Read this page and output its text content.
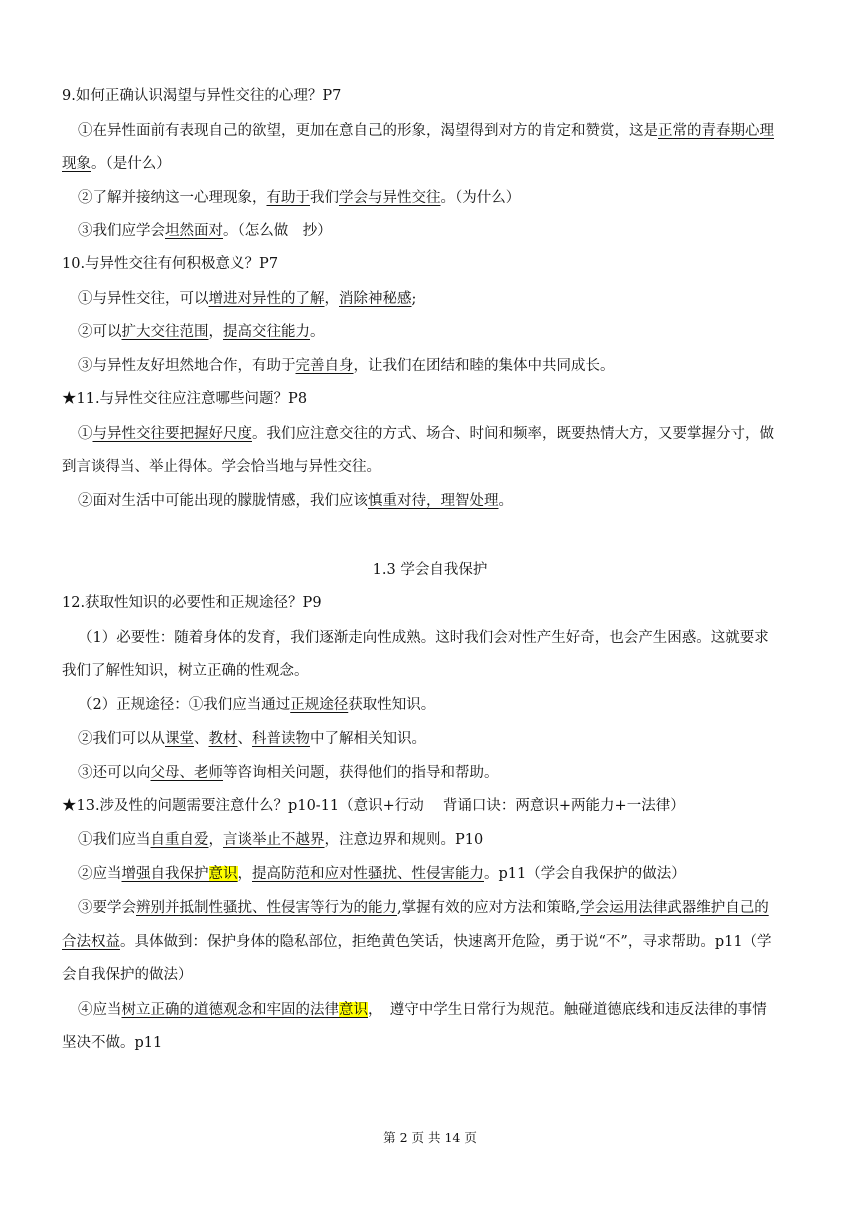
9.如何正确认识渴望与异性交往的心理？P7
①在异性面前有表现自己的欲望，更加在意自己的形象，渴望得到对方的肯定和赞赏，这是正常的青春期心理
现象。（是什么）
②了解并接纳这一心理现象，有助于我们学会与异性交往。（为什么）
③我们应学会坦然面对。（怎么做　抄）
10.与异性交往有何积极意义？P7
①与异性交往，可以增进对异性的了解，消除神秘感;
②可以扩大交往范围，提高交往能力。
③与异性友好坦然地合作，有助于完善自身，让我们在团结和睦的集体中共同成长。
★11.与异性交往应注意哪些问题？P8
①与异性交往要把握好尺度。我们应注意交往的方式、场合、时间和频率，既要热情大方，又要掌握分寸，做
到言谈得当、举止得体。学会恰当地与异性交往。
②面对生活中可能出现的朦胧情感，我们应该慎重对待，理智处理。
1.3 学会自我保护
12.获取性知识的必要性和正规途径？P9
（1）必要性：随着身体的发育，我们逐渐走向性成熟。这时我们会对性产生好奇，也会产生困惑。这就要求
我们了解性知识，树立正确的性观念。
（2）正规途径：①我们应当通过正规途径获取性知识。
②我们可以从课堂、教材、科普读物中了解相关知识。
③还可以向父母、老师等咨询相关问题，获得他们的指导和帮助。
★13.涉及性的问题需要注意什么？p10-11（意识+行动　 背诵口诀：两意识+两能力+一法律）
①我们应当自重自爱，言谈举止不越界，注意边界和规则。P10
②应当增强自我保护意识，提高防范和应对性骚扰、性侵害能力。p11（学会自我保护的做法）
③要学会辨别并抵制性骚扰、性侵害等行为的能力,掌握有效的应对方法和策略,学会运用法律武器维护自己的
合法权益。具体做到：保护身体的隐私部位，拒绝黄色笑话，快速离开危险，勇于说“不”，寻求帮助。p11（学
会自我保护的做法）
④应当树立正确的道德观念和牢固的法律意识，　遵守中学生日常行为规范。触碰道德底线和违反法律的事情
坚决不做。p11
第 2 页 共 14 页
